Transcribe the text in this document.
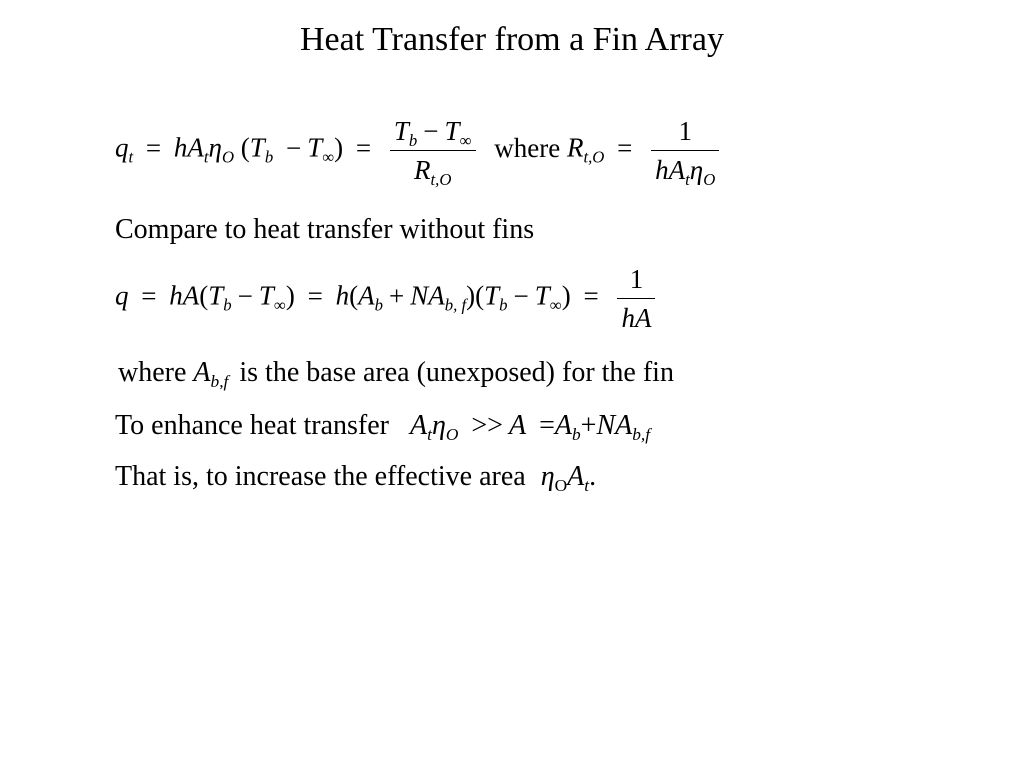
Heat Transfer from a Fin Array
$q_t = hA_t\eta_O$ $(T_b - T_\infty) = \frac{T_b - T_\infty}{R_{t,O}}$ where $R_{t,O} = \frac{1}{hA_t\eta_O}$
Compare to heat transfer without fins
$q = hA(T_b - T_\infty) = h(A_b + NA_{b, f})(T_b - T_\infty) = \frac{1}{hA}$
where $A_{b,f}$ is the base area (unexposed) for the fin
To enhance heat transfer $A_t\eta_O >> A =A_b+NA_{b,f}$
That is, to increase the effective area $\eta_OA_t$.
